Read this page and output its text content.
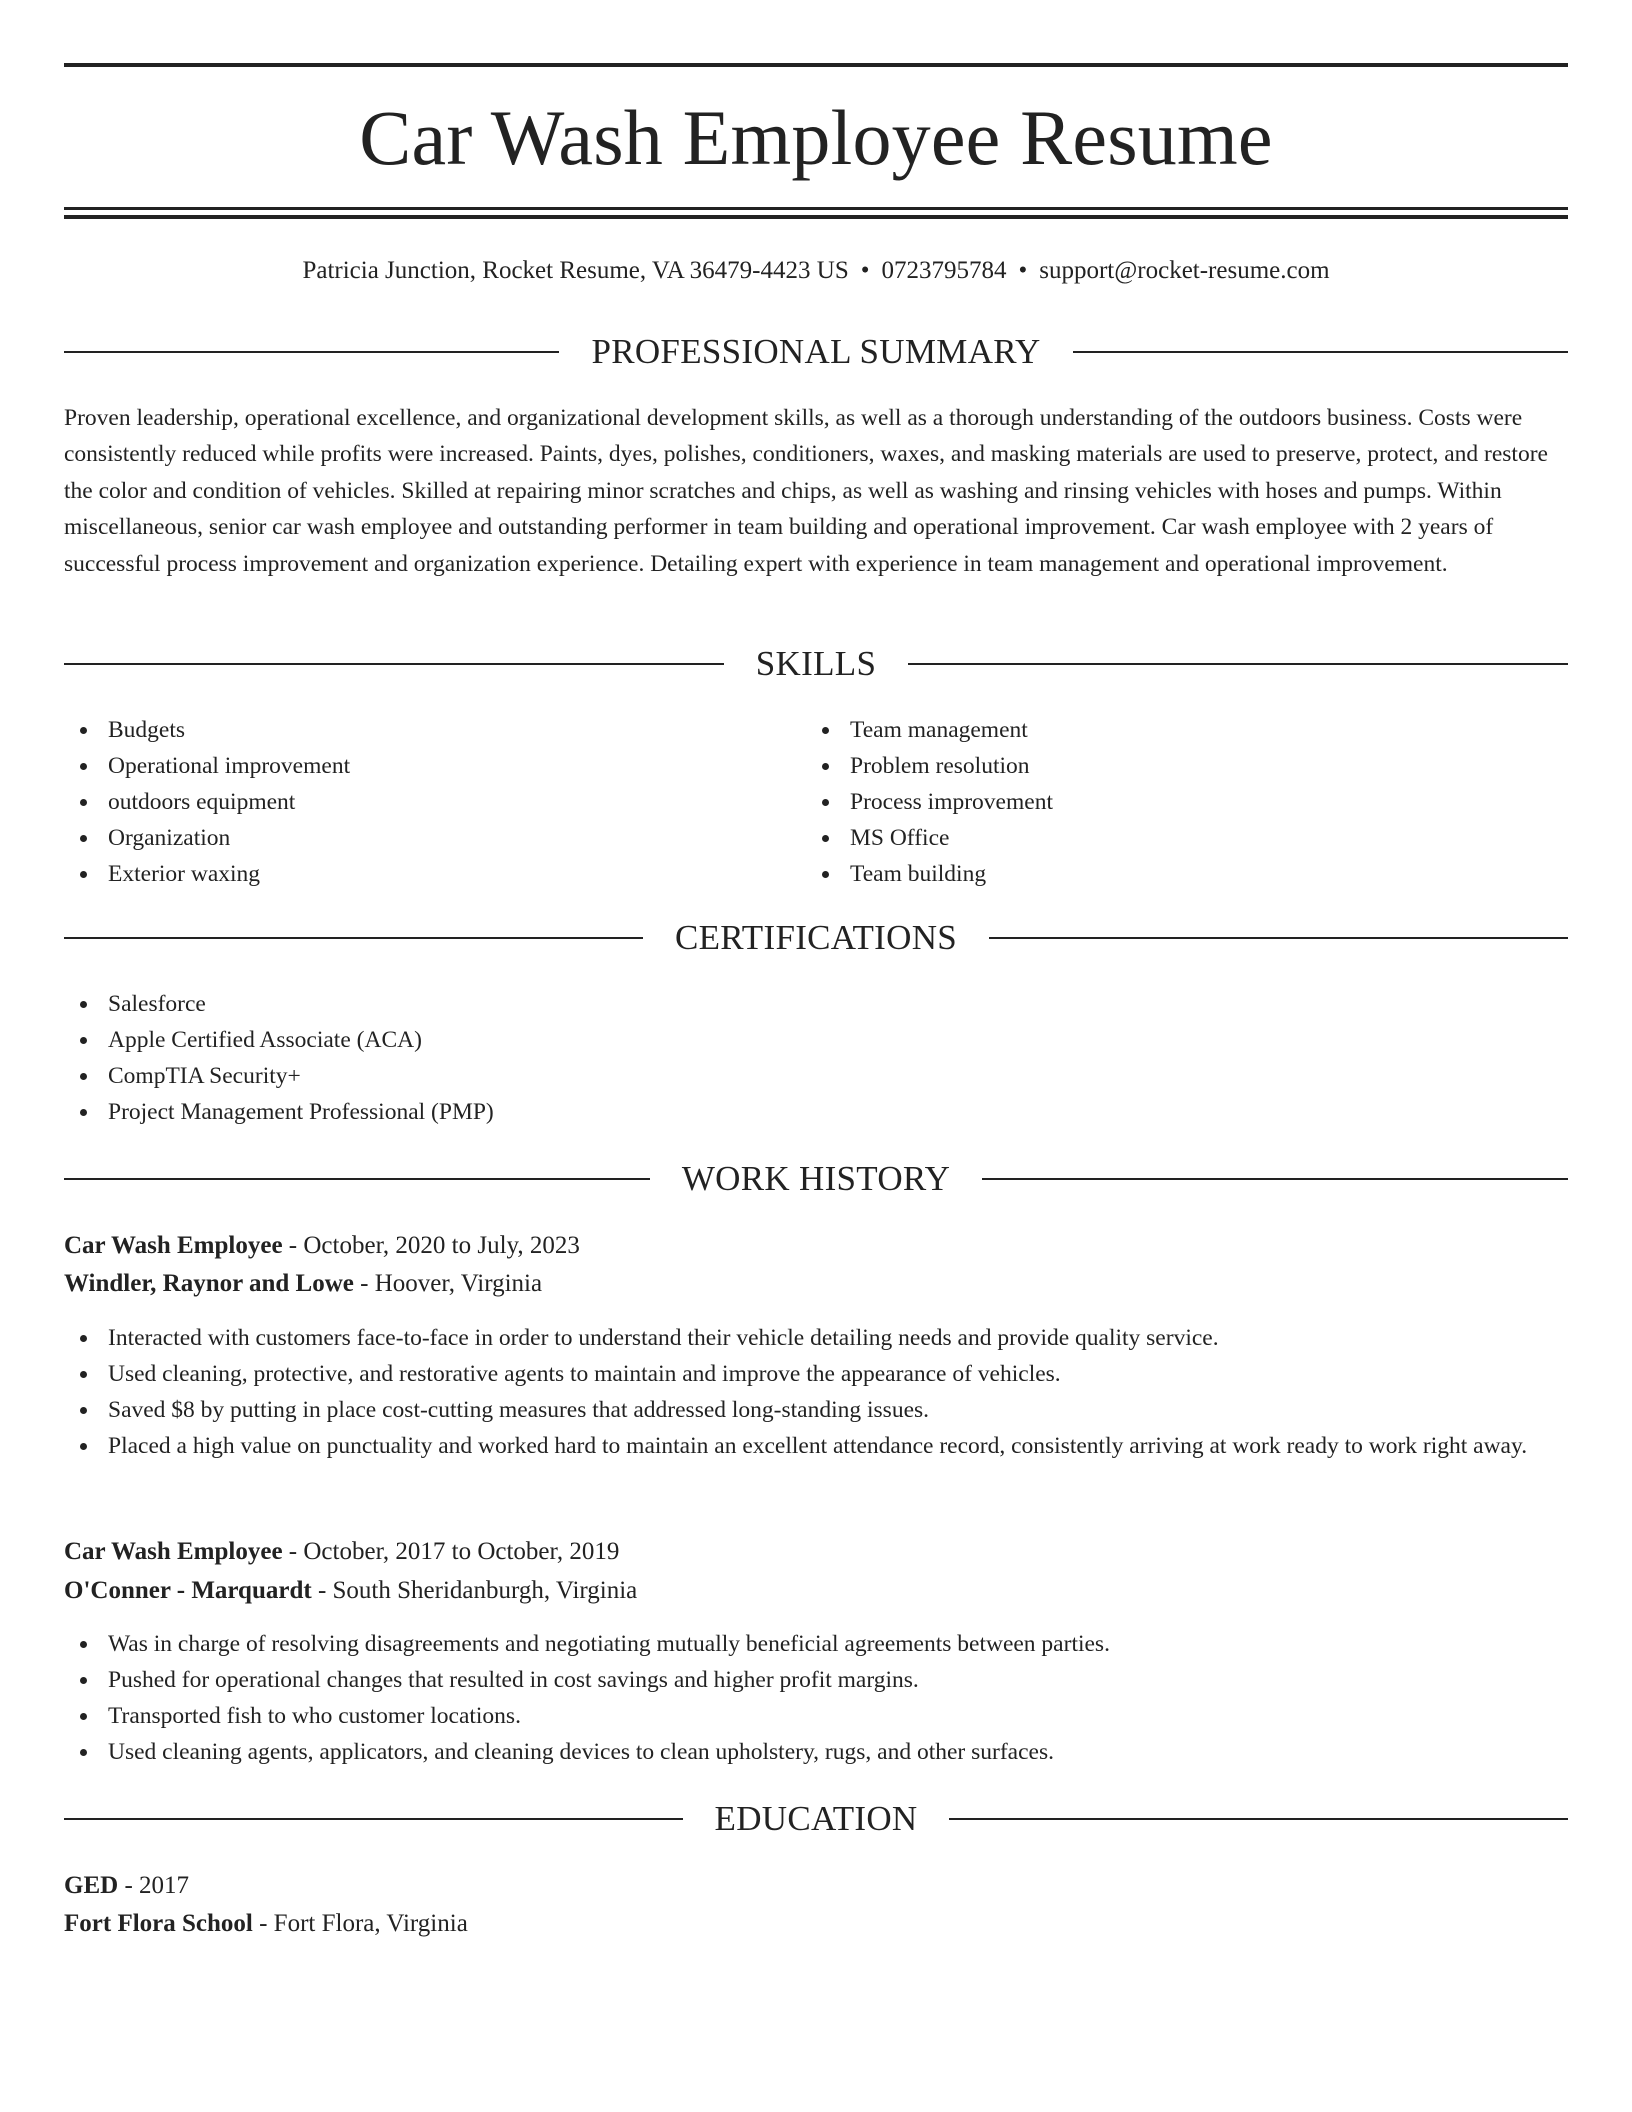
Car Wash Employee Resume
Patricia Junction, Rocket Resume, VA 36479-4423 US • 0723795784 • support@rocket-resume.com
PROFESSIONAL SUMMARY

Proven leadership, operational excellence, and organizational development skills, as well as a thorough understanding of the outdoors business. Costs were consistently reduced while profits were increased. Paints, dyes, polishes, conditioners, waxes, and masking materials are used to preserve, protect, and restore the color and condition of vehicles. Skilled at repairing minor scratches and chips, as well as washing and rinsing vehicles with hoses and pumps. Within miscellaneous, senior car wash employee and outstanding performer in team building and operational improvement. Car wash employee with 2 years of successful process improvement and organization experience. Detailing expert with experience in team management and operational improvement.

SKILLS
Budgets
Operational improvement
outdoors equipment
Organization
Exterior waxing
Team management
Problem resolution
Process improvement
MS Office
Team building
CERTIFICATIONS
Salesforce
Apple Certified Associate (ACA)
CompTIA Security+
Project Management Professional (PMP)
WORK HISTORY
Car Wash Employee - October, 2020 to July, 2023
Windler, Raynor and Lowe - Hoover, Virginia
Interacted with customers face-to-face in order to understand their vehicle detailing needs and provide quality service.
Used cleaning, protective, and restorative agents to maintain and improve the appearance of vehicles.
Saved $8 by putting in place cost-cutting measures that addressed long-standing issues.
Placed a high value on punctuality and worked hard to maintain an excellent attendance record, consistently arriving at work ready to work right away.
Car Wash Employee - October, 2017 to October, 2019
O'Conner - Marquardt - South Sheridanburgh, Virginia
Was in charge of resolving disagreements and negotiating mutually beneficial agreements between parties.
Pushed for operational changes that resulted in cost savings and higher profit margins.
Transported fish to who customer locations.
Used cleaning agents, applicators, and cleaning devices to clean upholstery, rugs, and other surfaces.
EDUCATION
GED - 2017
Fort Flora School - Fort Flora, Virginia
